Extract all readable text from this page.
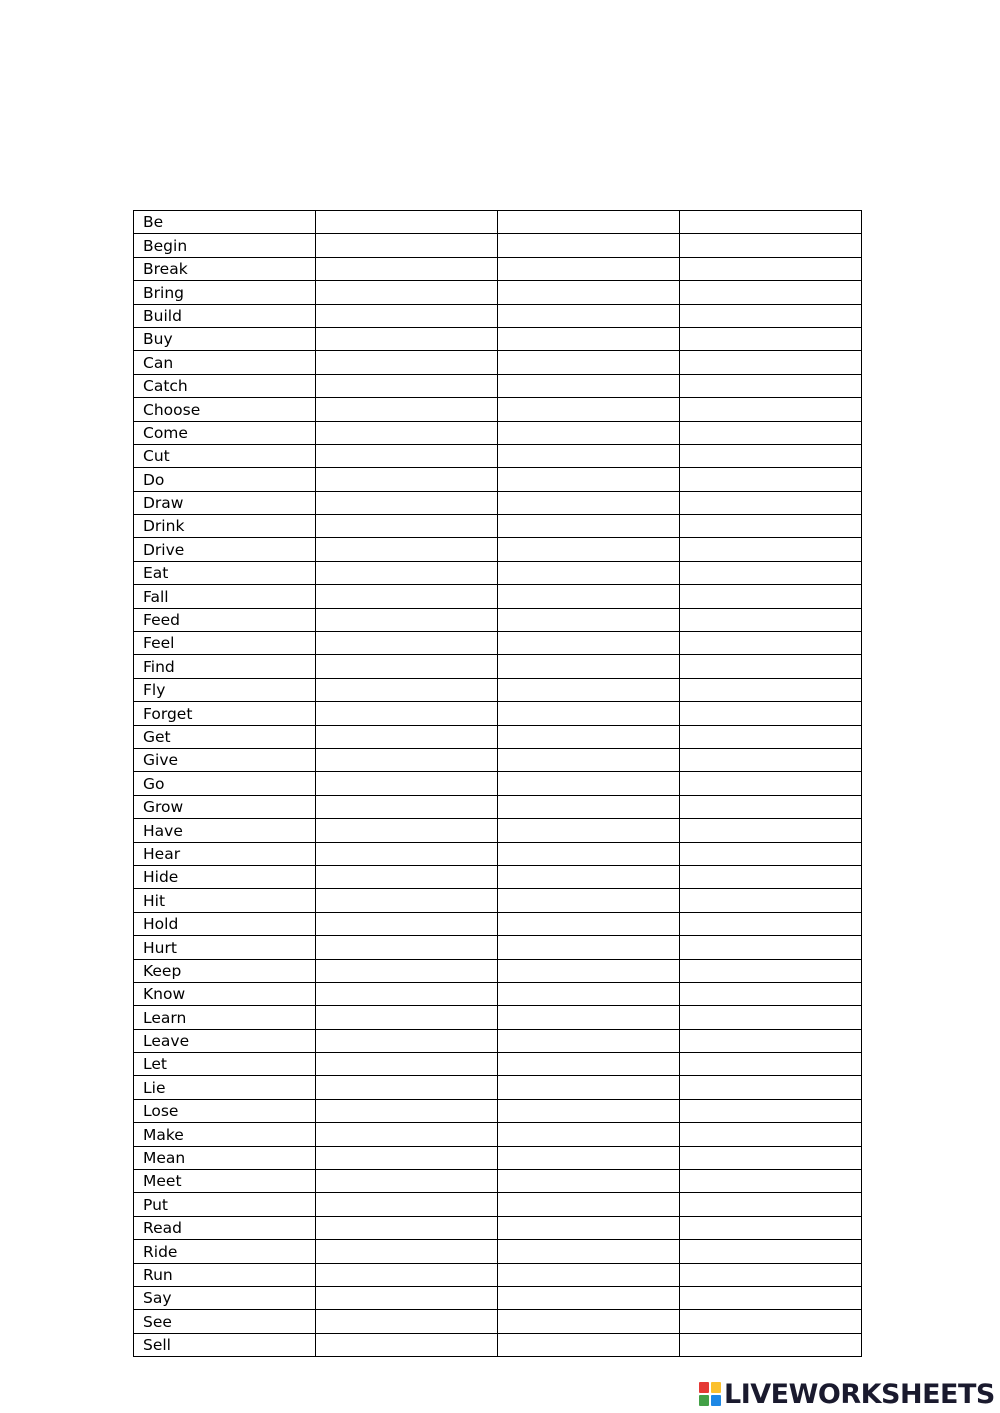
Be			
Begin			
Break			
Bring			
Build			
Buy			
Can			
Catch			
Choose			
Come			
Cut			
Do			
Draw			
Drink			
Drive			
Eat			
Fall			
Feed			
Feel			
Find			
Fly			
Forget			
Get			
Give			
Go			
Grow			
Have			
Hear			
Hide			
Hit			
Hold			
Hurt			
Keep			
Know			
Learn			
Leave			
Let			
Lie			
Lose			
Make			
Mean			
Meet			
Put			
Read			
Ride			
Run			
Say			
See			
Sell			
LIVEWORKSHEETS
